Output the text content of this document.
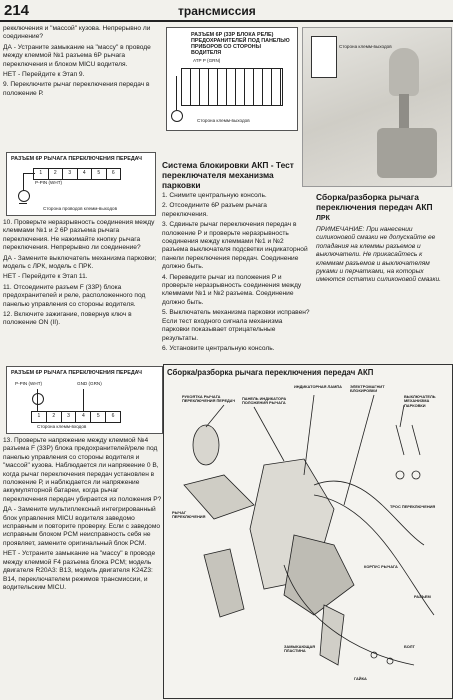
214	трансмиссия

рекключения и "массой" кузова. Непрерывно ли соединение?

ДА - Устраните замыкание на "массу" в проводе между клеммой №1 разъема 6Р рычага переключения и блоком MICU водителя.

НЕТ - Перейдите к Этап 9.

9. Переключите рычаг переключения передач в положение Р.

РАЗЪЕМ 6Р РЫЧАГА ПЕРЕКЛЮЧЕНИЯ ПЕРЕДАЧ
1	2	3	4	5	6
P-PIN (WHT)
Сторона проводов клемм-выходов

10. Проверьте неразрывность соединения между клеммами №1 и 2 6Р разъема рычага переключения. Не нажимайте кнопку рычага переключения. Непрерывно ли соединение?

ДА - Замените выключатель механизма парковки; модель с ЛРК, модель с ПРК.

НЕТ - Перейдите к Этап 11.

11. Отсоедините разъем F (33Р) блока предохранителей и реле, расположенного под панелью управления со стороны водителя.

12. Включите зажигание, повернув ключ в положение ON (II).

РАЗЪЕМ 6Р РЫЧАГА ПЕРЕКЛЮЧЕНИЯ ПЕРЕДАЧ
P-PIN (WHT)	GND (GRN)
1	2	3	4	5	6
Сторона клемм-входов

13. Проверьте напряжение между клеммой №4 разъема F (33Р) блока предохранителей/реле под панелью управления со стороны водителя и "массой" кузова. Наблюдается ли напряжение 0 В, когда рычаг переключения передач установлен в положение Р, и наблюдается ли напряжение аккумуляторной батареи, когда рычаг переключения передач убирается из положения Р?

ДА - Замените мультиплексный интегрированный блок управления MICU водителя заведомо исправным и повторите проверку. Если с заведомо исправным блоком PCM неисправность себя не проявляет, замените оригинальный блок PCM.

НЕТ - Устраните замыкание на "массу" в проводе между клеммой F4 разъема блока PCM; модель двигателя R20A3: В13, модель двигателя K24Z3: В14, переключателем режимов трансмиссии, и водительским MICU.

РАЗЪЕМ 6Р (33Р БЛОКА РЕЛЕ) ПРЕДОХРАНИТЕЛЕЙ ПОД ПАНЕЛЬЮ ПРИБОРОВ СО СТОРОНЫ ВОДИТЕЛЯ
ATP P (GRN)
Сторона клемм-выходов
Сторона клемм-выходов

Система блокировки АКП - Тест переключателя механизма парковки

1. Снимите центральную консоль.

2. Отсоедините 6Р разъем рычага переключения.

3. Сдвиньте рычаг переключения передач в положение Р и проверьте неразрывность соединения между клеммами №1 и №2 разъема выключателя подсветки индикаторной панели переключения передач. Соединение должно быть.

4. Переведите рычаг из положения Р и проверьте неразрывность соединения между клеммами №1 и №2 разъема. Соединение должно быть.

5. Выключатель механизма парковки исправен? Если тест входного сигнала механизма парковки показывает отрицательные результаты.

6. Установите центральную консоль.

Сборка/разборка рычага переключения передач АКП

ЛРК

ПРИМЕЧАНИЕ: При нанесении силиконовой смазки не допускайте ее попадания на клеммы разъемов и выключатели. Не прикасайтесь к клеммам разъемов и выключателям руками и перчатками, на которых имеются остатки силиконовой смазки.

Сборка/разборка рычага переключения передач АКП
РУКОЯТКА РЫЧАГА ПЕРЕКЛЮЧЕНИЯ ПЕРЕДАЧ	ПАНЕЛЬ ИНДИКАТОРА ПОЛОЖЕНИЯ РЫЧАГА
ИНДИКАТОРНАЯ ЛАМПА	ЭЛЕКТРОМАГНИТ БЛОКИРОВКИ
ВЫКЛЮЧАТЕЛЬ МЕХАНИЗМА ПАРКОВКИ
РЫЧАГ ПЕРЕКЛЮЧЕНИЯ
КОРПУС РЫЧАГА
ТРОС ПЕРЕКЛЮЧЕНИЯ
БОЛТ
ГАЙКА
РАЗЪЕМ
ЗАМЫКАЮЩАЯ ПЛАСТИНА
